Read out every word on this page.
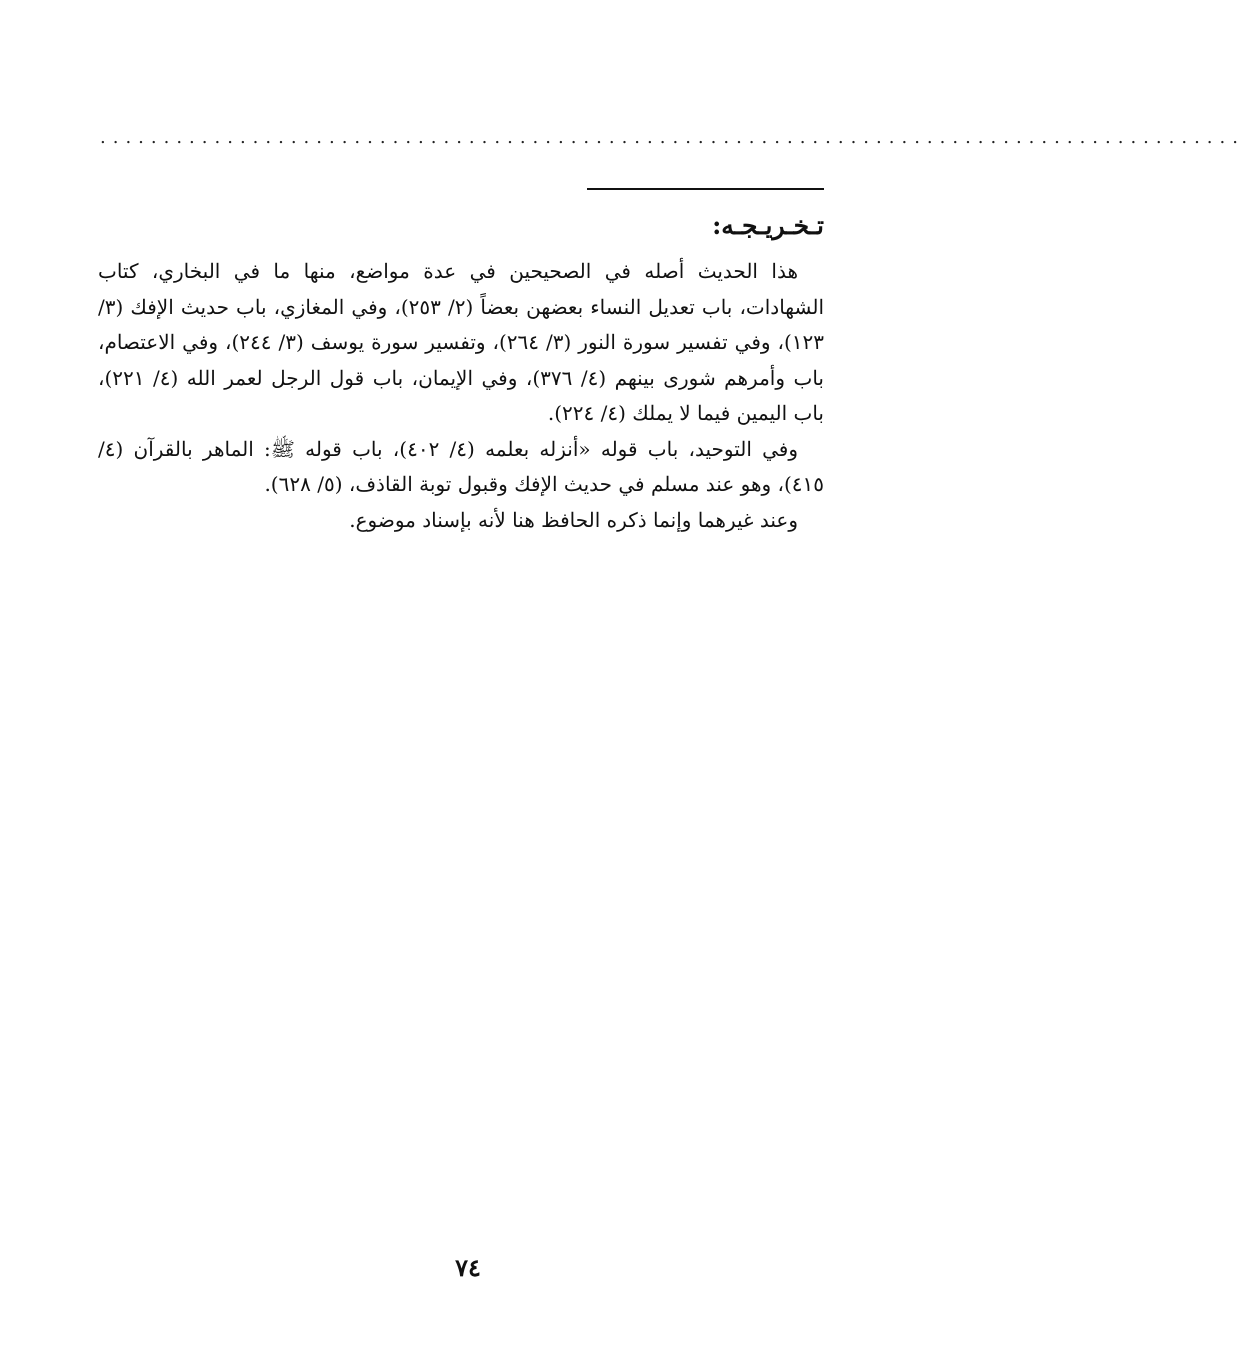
..........................................................................................
تـخـريـجـه:

هذا الحديث أصله في الصحيحين في عدة مواضع، منها ما في البخاري، كتاب الشهادات، باب تعديل النساء بعضهن بعضاً (٢/ ٢٥٣)، وفي المغازي، باب حديث الإفك (٣/ ١٢٣)، وفي تفسير سورة النور (٣/ ٢٦٤)، وتفسير سورة يوسف (٣/ ٢٤٤)، وفي الاعتصام، باب وأمرهم شورى بينهم (٤/ ٣٧٦)، وفي الإيمان، باب قول الرجل لعمر الله (٤/ ٢٢١)، باب اليمين فيما لا يملك (٤/ ٢٢٤).

وفي التوحيد، باب قوله «أنزله بعلمه (٤/ ٤٠٢)، باب قوله ﷺ: الماهر بالقرآن (٤/ ٤١٥)، وهو عند مسلم في حديث الإفك وقبول توبة القاذف، (٥/ ٦٢٨).

وعند غيرهما وإنما ذكره الحافظ هنا لأنه بإسناد موضوع.

٧٤
